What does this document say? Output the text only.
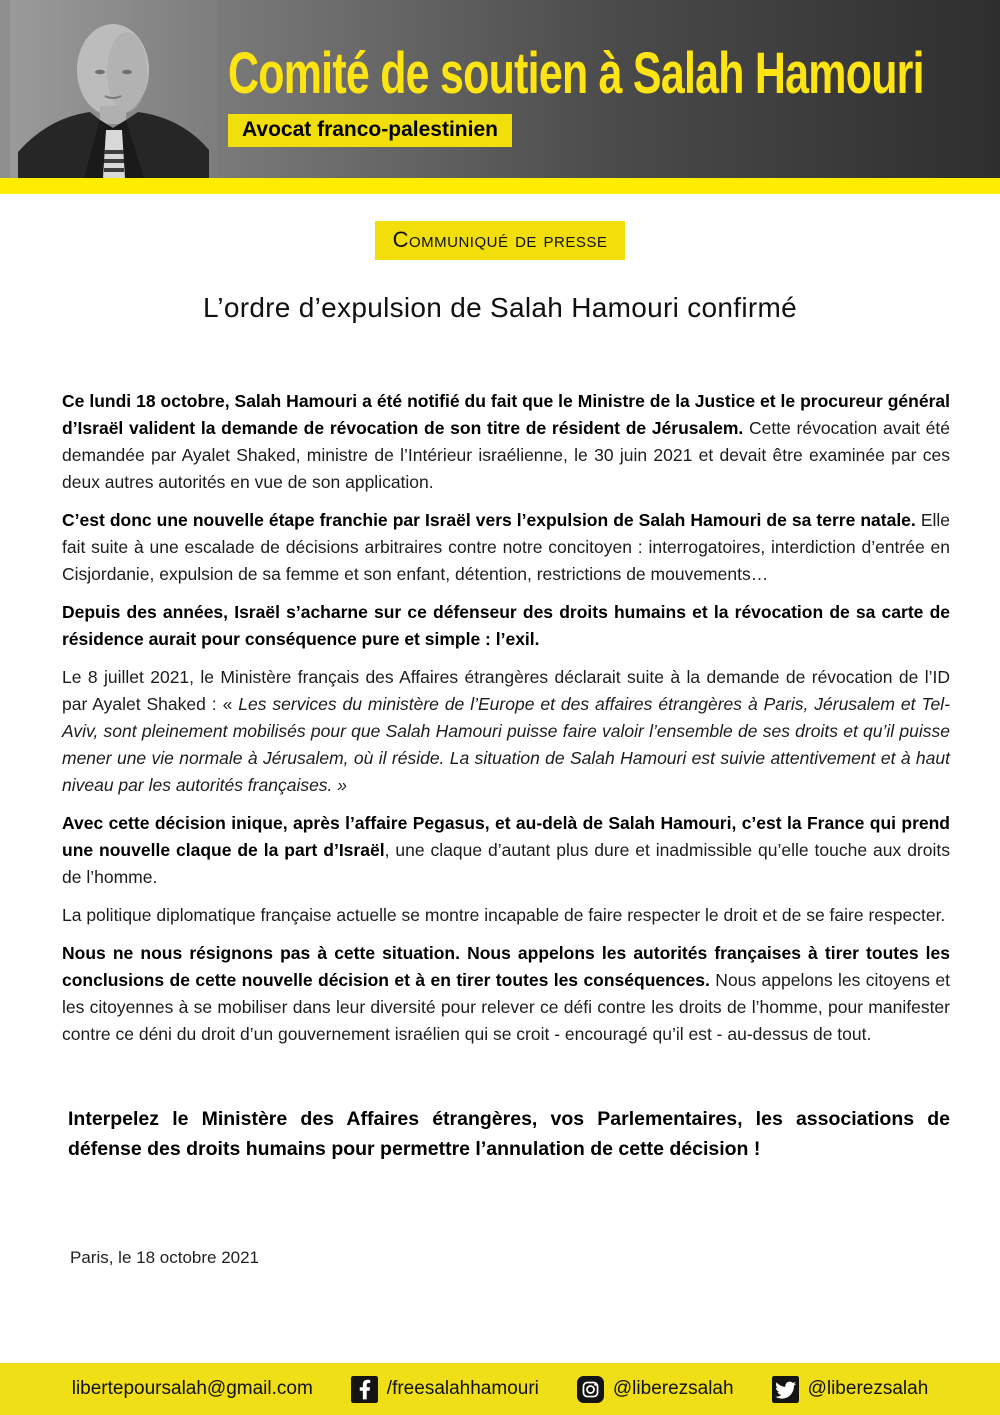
Comité de soutien à Salah Hamouri
Avocat franco-palestinien
Communiqué de presse
L’ordre d’expulsion de Salah Hamouri confirmé

Ce lundi 18 octobre, Salah Hamouri a été notifié du fait que le Ministre de la Justice et le procureur général d’Israël valident la demande de révocation de son titre de résident de Jérusalem. Cette révocation avait été demandée par Ayalet Shaked, ministre de l’Intérieur israélienne, le 30 juin 2021 et devait être examinée par ces deux autres autorités en vue de son application.

C’est donc une nouvelle étape franchie par Israël vers l’expulsion de Salah Hamouri de sa terre natale. Elle fait suite à une escalade de décisions arbitraires contre notre concitoyen : interrogatoires, interdiction d’entrée en Cisjordanie, expulsion de sa femme et son enfant, détention, restrictions de mouvements…

Depuis des années, Israël s’acharne sur ce défenseur des droits humains et la révocation de sa carte de résidence aurait pour conséquence pure et simple : l’exil.

Le 8 juillet 2021, le Ministère français des Affaires étrangères déclarait suite à la demande de révocation de l’ID par Ayalet Shaked : « Les services du ministère de l’Europe et des affaires étrangères à Paris, Jérusalem et Tel-Aviv, sont pleinement mobilisés pour que Salah Hamouri puisse faire valoir l’ensemble de ses droits et qu’il puisse mener une vie normale à Jérusalem, où il réside. La situation de Salah Hamouri est suivie attentivement et à haut niveau par les autorités françaises. »

Avec cette décision inique, après l’affaire Pegasus, et au-delà de Salah Hamouri, c’est la France qui prend une nouvelle claque de la part d’Israël, une claque d’autant plus dure et inadmissible qu’elle touche aux droits de l’homme.

La politique diplomatique française actuelle se montre incapable de faire respecter le droit et de se faire respecter.

Nous ne nous résignons pas à cette situation. Nous appelons les autorités françaises à tirer toutes les conclusions de cette nouvelle décision et à en tirer toutes les conséquences. Nous appelons les citoyens et les citoyennes à se mobiliser dans leur diversité pour relever ce défi contre les droits de l’homme, pour manifester contre ce déni du droit d’un gouvernement israélien qui se croit - encouragé qu’il est - au-dessus de tout.

Interpelez le Ministère des Affaires étrangères, vos Parlementaires, les associations de défense des droits humains pour permettre l’annulation de cette décision !

Paris, le 18 octobre 2021

libertepoursalah@gmail.com	/freesalahhamouri	@liberezsalah	@liberezsalah
